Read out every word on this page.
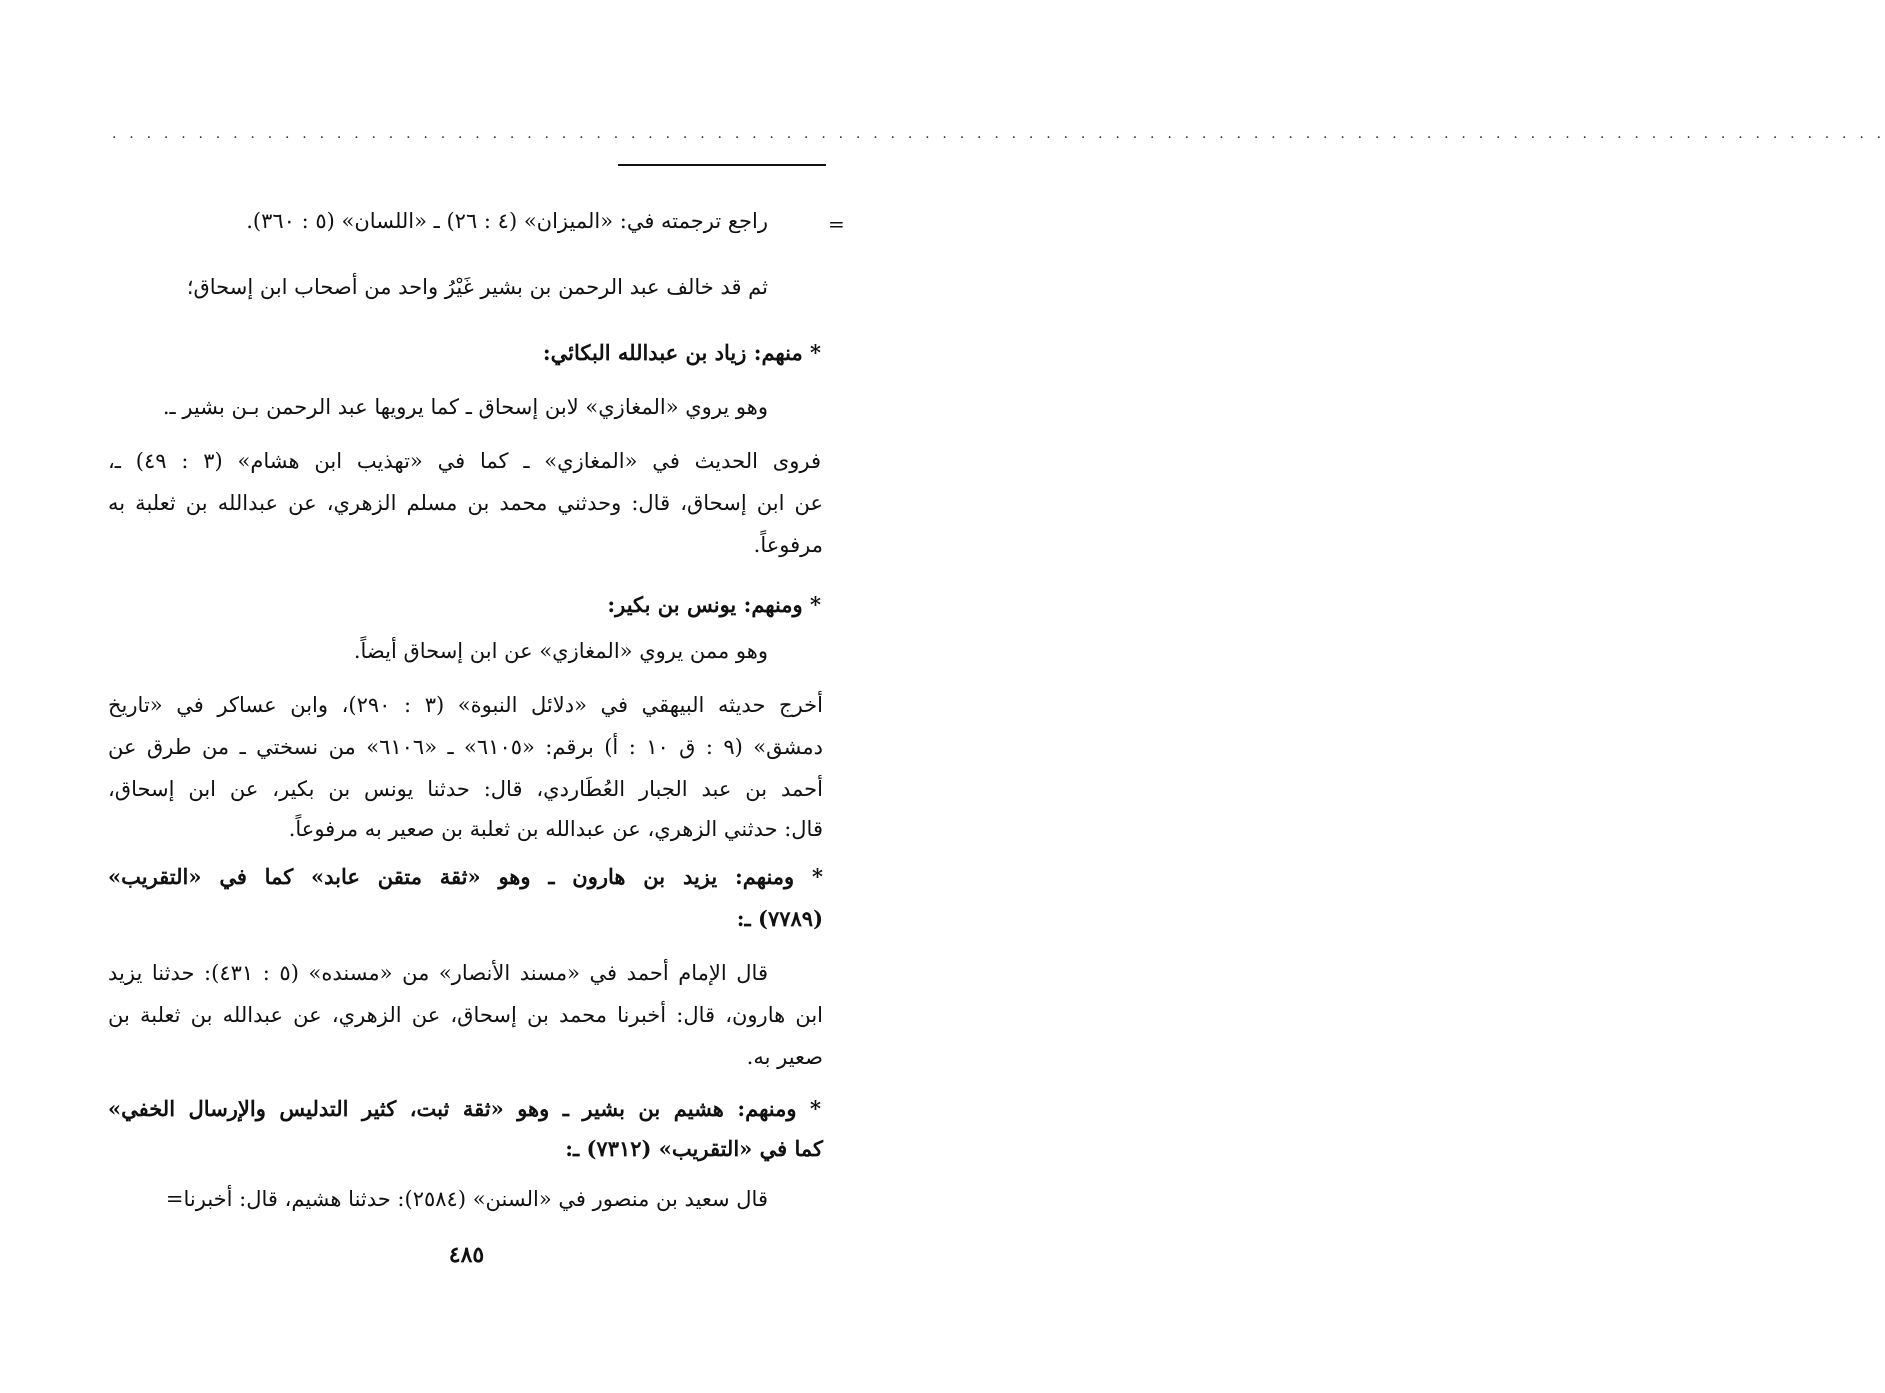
. . . . . . . . . . . . . . . . . . . . . . . . . . . . . . . . . . . . . . . . . . . . . . . . . . . . . . . . . . . . . . . . . . . . . . . . . . . . . . . . . . . . . . . . . . . . . . . . . . . . . . .
=
راجع ترجمته في: «الميزان» (٤ : ٢٦) ـ «اللسان» (٥ : ٣٦٠).
ثم قد خالف عبد الرحمن بن بشير غَيْرُ واحد من أصحاب ابن إسحاق؛
* منهم: زياد بن عبدالله البكائي:
وهو يروي «المغازي» لابن إسحاق ـ كما يرويها عبد الرحمن بـن بشير ـ.
فروى الحديث في «المغازي» ـ كما في «تهذيب ابن هشام» (٣ : ٤٩) ـ،
عن ابن إسحاق، قال: وحدثني محمد بن مسلم الزهري، عن عبدالله بن ثعلبة به
مرفوعاً.
* ومنهم: يونس بن بكير:
وهو ممن يروي «المغازي» عن ابن إسحاق أيضاً.
أخرج حديثه البيهقي في «دلائل النبوة» (٣ : ٢٩٠)، وابن عساكر في «تاريخ
دمشق» (٩ : ق ١٠ : أ) برقم: «٦١٠٥» ـ «٦١٠٦» من نسختي ـ من طرق عن
أحمد بن عبد الجبار العُطَاردي، قال: حدثنا يونس بن بكير، عن ابن إسحاق،
قال: حدثني الزهري، عن عبدالله بن ثعلبة بن صعير به مرفوعاً.
* ومنهم: يزيد بن هارون ـ وهو «ثقة متقن عابد» كما في «التقريب»
(٧٧٨٩) ـ:
قال الإمام أحمد في «مسند الأنصار» من «مسنده» (٥ : ٤٣١): حدثنا يزيد
ابن هارون، قال: أخبرنا محمد بن إسحاق، عن الزهري، عن عبدالله بن ثعلبة بن
صعير به.
* ومنهم: هشيم بن بشير ـ وهو «ثقة ثبت، كثير التدليس والإرسال الخفي»
كما في «التقريب» (٧٣١٢) ـ:
قال سعيد بن منصور في «السنن» (٢٥٨٤): حدثنا هشيم، قال: أخبرنا=
٤٨٥
